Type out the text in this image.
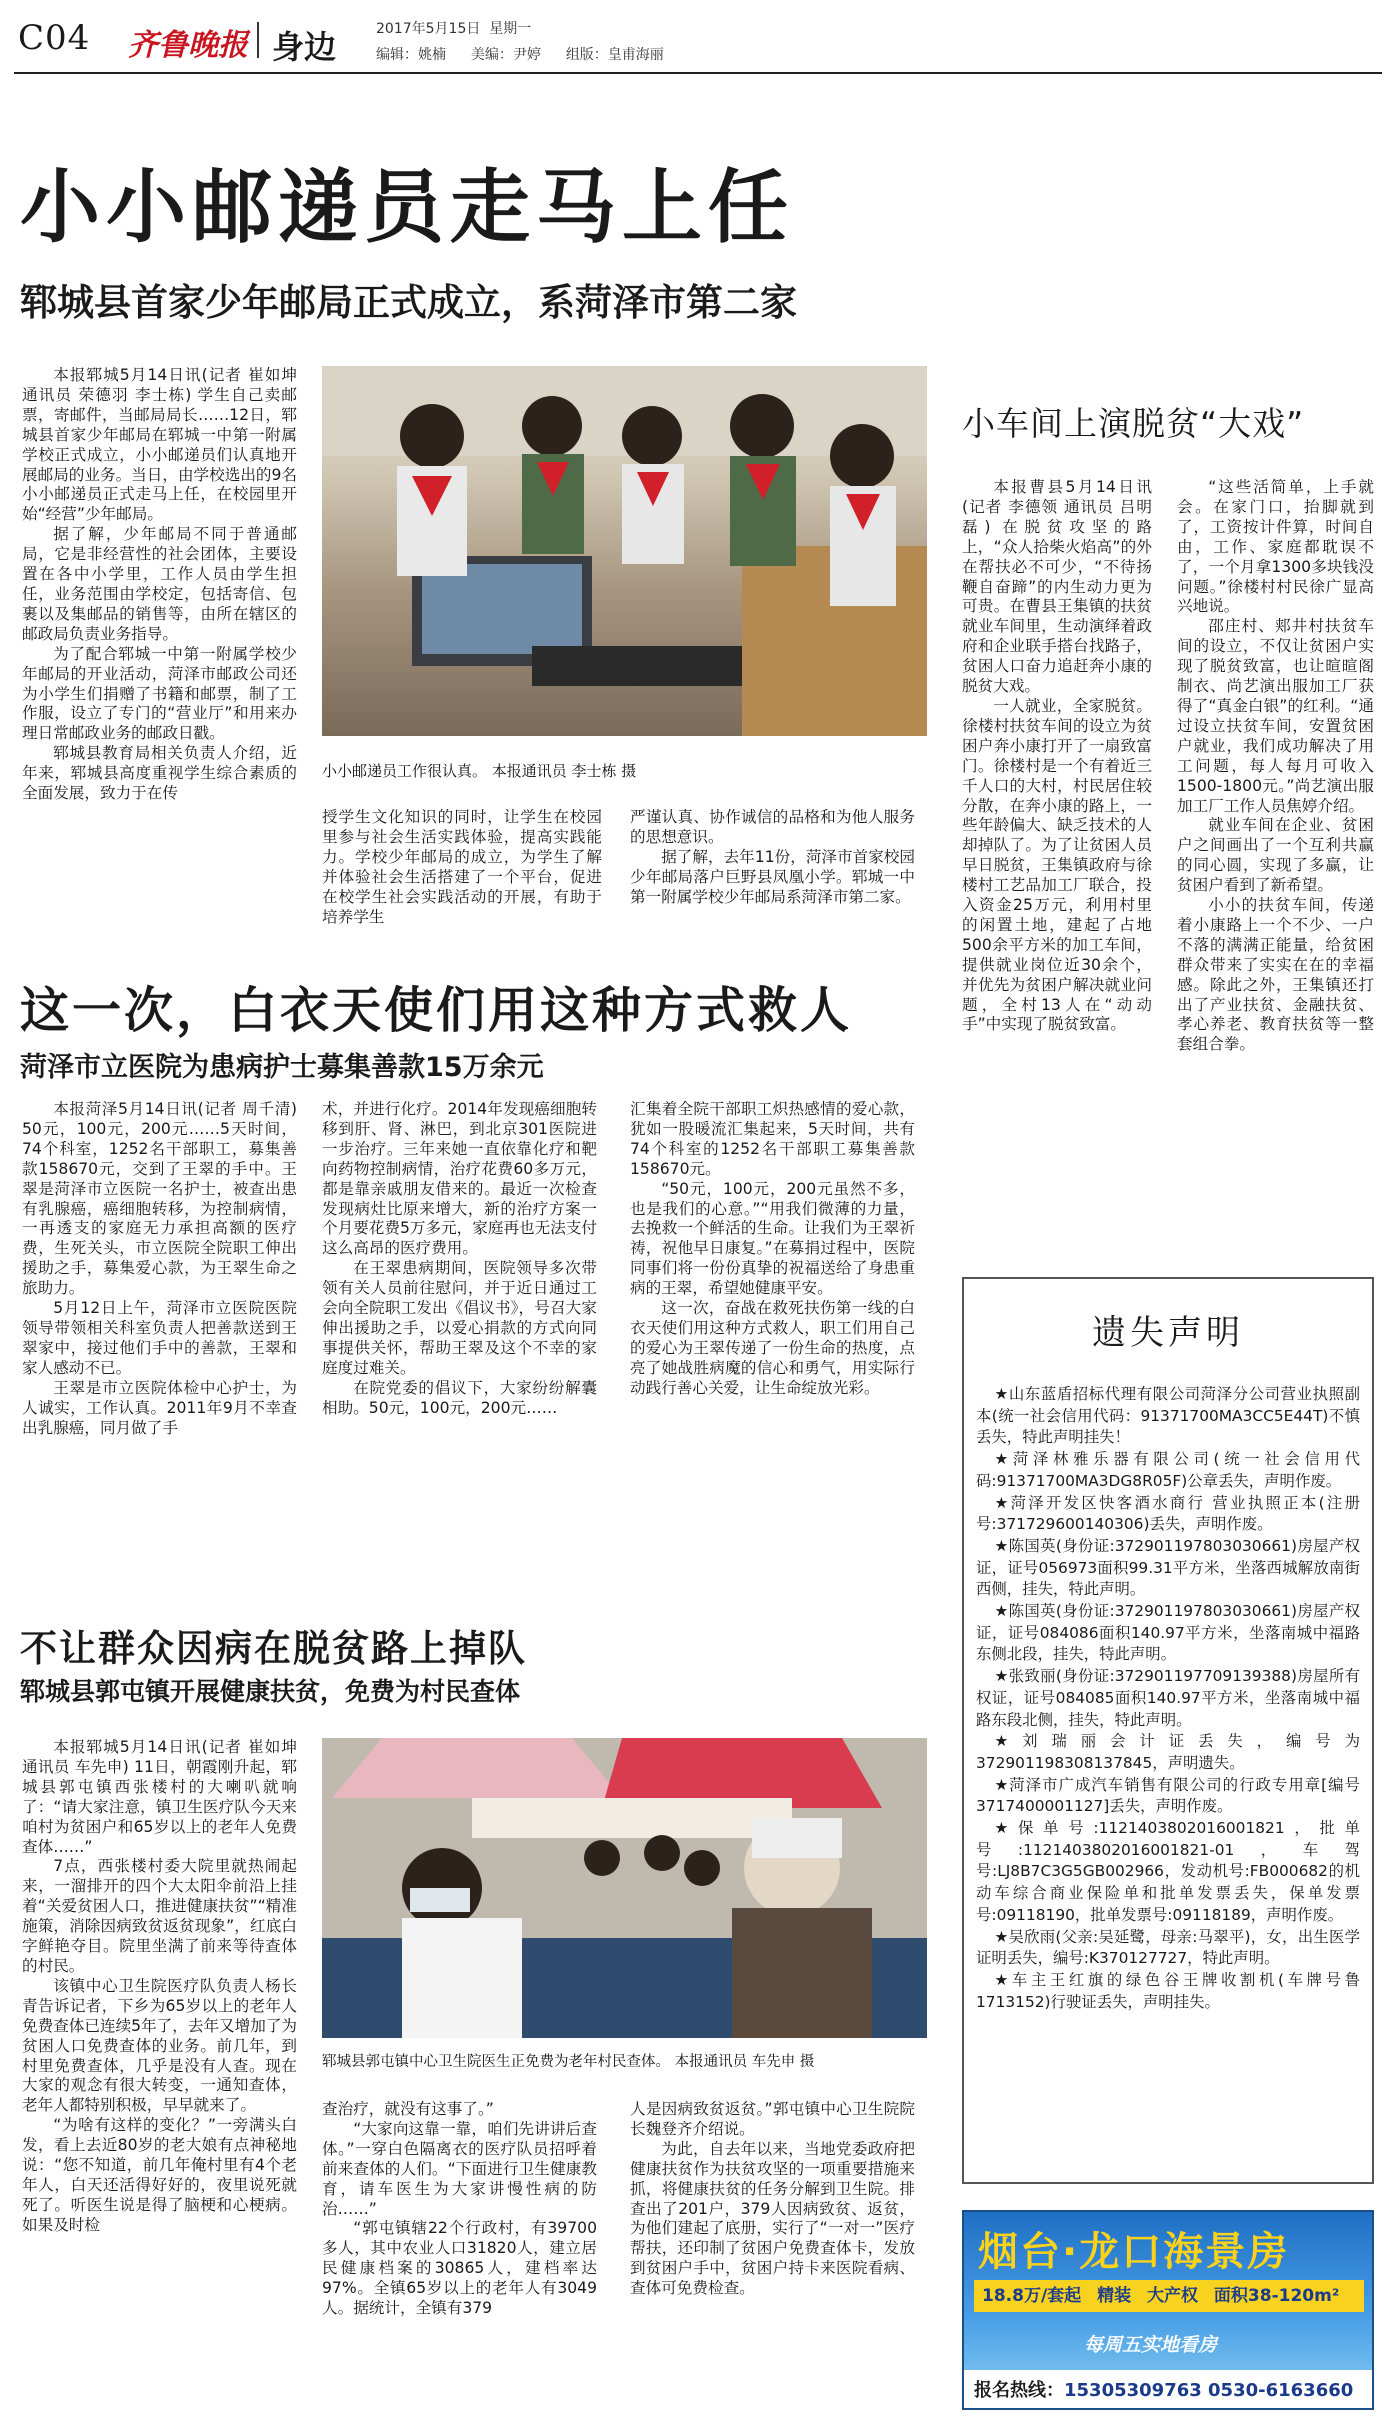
C04 齐鲁晚报 身边	2017年5月15日 星期一
编辑：姚楠 美编：尹婷 组版：皇甫海丽
小小邮递员走马上任
郓城县首家少年邮局正式成立，系菏泽市第二家

本报郓城5月14日讯(记者 崔如坤 通讯员 荣德羽 李士栋) 学生自己卖邮票，寄邮件，当邮局局长……12日，郓城县首家少年邮局在郓城一中第一附属学校正式成立，小小邮递员们认真地开展邮局的业务。当日，由学校选出的9名小小邮递员正式走马上任，在校园里开始“经营”少年邮局。

据了解，少年邮局不同于普通邮局，它是非经营性的社会团体，主要设置在各中小学里，工作人员由学生担任，业务范围由学校定，包括寄信、包裹以及集邮品的销售等，由所在辖区的邮政局负责业务指导。

为了配合郓城一中第一附属学校少年邮局的开业活动，菏泽市邮政公司还为小学生们捐赠了书籍和邮票，制了工作服，设立了专门的“营业厅”和用来办理日常邮政业务的邮政日戳。

郓城县教育局相关负责人介绍，近年来，郓城县高度重视学生综合素质的全面发展，致力于在传

小小邮递员工作很认真。 本报通讯员 李士栋 摄

授学生文化知识的同时，让学生在校园里参与社会生活实践体验，提高实践能力。学校少年邮局的成立，为学生了解并体验社会生活搭建了一个平台，促进在校学生社会实践活动的开展，有助于培养学生

严谨认真、协作诚信的品格和为他人服务的思想意识。

据了解，去年11份，菏泽市首家校园少年邮局落户巨野县凤凰小学。郓城一中第一附属学校少年邮局系菏泽市第二家。

小车间上演脱贫“大戏”

本报曹县5月14日讯(记者 李德领 通讯员 吕明磊) 在脱贫攻坚的路上，“众人拾柴火焰高”的外在帮扶必不可少，“不待扬鞭自奋蹄”的内生动力更为可贵。在曹县王集镇的扶贫就业车间里，生动演绎着政府和企业联手搭台找路子，贫困人口奋力追赶奔小康的脱贫大戏。

一人就业，全家脱贫。徐楼村扶贫车间的设立为贫困户奔小康打开了一扇致富门。徐楼村是一个有着近三千人口的大村，村民居住较分散，在奔小康的路上，一些年龄偏大、缺乏技术的人却掉队了。为了让贫困人员早日脱贫，王集镇政府与徐楼村工艺品加工厂联合，投入资金25万元，利用村里的闲置土地，建起了占地500余平方米的加工车间，提供就业岗位近30余个，并优先为贫困户解决就业问题，全村13人在“动动手”中实现了脱贫致富。

“这些活简单，上手就会。在家门口，抬脚就到了，工资按计件算，时间自由，工作、家庭都耽误不了，一个月拿1300多块钱没问题。”徐楼村村民徐广显高兴地说。

邵庄村、郏井村扶贫车间的设立，不仅让贫困户实现了脱贫致富，也让暄暄阁制衣、尚艺演出服加工厂获得了“真金白银”的红利。“通过设立扶贫车间，安置贫困户就业，我们成功解决了用工问题，每人每月可收入1500-1800元。”尚艺演出服加工厂工作人员焦婷介绍。

就业车间在企业、贫困户之间画出了一个互利共赢的同心圆，实现了多赢，让贫困户看到了新希望。

小小的扶贫车间，传递着小康路上一个不少、一户不落的满满正能量，给贫困群众带来了实实在在的幸福感。除此之外，王集镇还打出了产业扶贫、金融扶贫、孝心养老、教育扶贫等一整套组合拳。

这一次，白衣天使们用这种方式救人
菏泽市立医院为患病护士募集善款15万余元

本报菏泽5月14日讯(记者 周千清) 50元，100元，200元……5天时间，74个科室，1252名干部职工，募集善款158670元，交到了王翠的手中。王翠是菏泽市立医院一名护士，被查出患有乳腺癌，癌细胞转移，为控制病情，一再透支的家庭无力承担高额的医疗费，生死关头，市立医院全院职工伸出援助之手，募集爱心款，为王翠生命之旅助力。

5月12日上午，菏泽市立医院医院领导带领相关科室负责人把善款送到王翠家中，接过他们手中的善款，王翠和家人感动不已。

王翠是市立医院体检中心护士，为人诚实，工作认真。2011年9月不幸查出乳腺癌，同月做了手

术，并进行化疗。2014年发现癌细胞转移到肝、肾、淋巴，到北京301医院进一步治疗。三年来她一直依靠化疗和靶向药物控制病情，治疗花费60多万元，都是靠亲戚朋友借来的。最近一次检查发现病灶比原来增大，新的治疗方案一个月要花费5万多元，家庭再也无法支付这么高昂的医疗费用。

在王翠患病期间，医院领导多次带领有关人员前往慰问，并于近日通过工会向全院职工发出《倡议书》，号召大家伸出援助之手，以爱心捐款的方式向同事提供关怀，帮助王翠及这个不幸的家庭度过难关。

在院党委的倡议下，大家纷纷解囊相助。50元，100元，200元……

汇集着全院干部职工炽热感情的爱心款，犹如一股暖流汇集起来，5天时间，共有74个科室的1252名干部职工募集善款158670元。

“50元，100元，200元虽然不多，也是我们的心意。”“用我们微薄的力量，去挽救一个鲜活的生命。让我们为王翠祈祷，祝他早日康复。”在募捐过程中，医院同事们将一份份真挚的祝福送给了身患重病的王翠，希望她健康平安。

这一次，奋战在救死扶伤第一线的白衣天使们用这种方式救人，职工们用自己的爱心为王翠传递了一份生命的热度，点亮了她战胜病魔的信心和勇气，用实际行动践行善心关爱，让生命绽放光彩。

不让群众因病在脱贫路上掉队
郓城县郭屯镇开展健康扶贫，免费为村民查体

本报郓城5月14日讯(记者 崔如坤 通讯员 车先申) 11日，朝霞刚升起，郓城县郭屯镇西张楼村的大喇叭就响了：“请大家注意，镇卫生医疗队今天来咱村为贫困户和65岁以上的老年人免费查体……”

7点，西张楼村委大院里就热闹起来，一溜排开的四个大太阳伞前沿上挂着“关爱贫困人口，推进健康扶贫”“精准施策，消除因病致贫返贫现象”，红底白字鲜艳夺目。院里坐满了前来等待查体的村民。

该镇中心卫生院医疗队负责人杨长青告诉记者，下乡为65岁以上的老年人免费查体已连续5年了，去年又增加了为贫困人口免费查体的业务。前几年，到村里免费查体，几乎是没有人查。现在大家的观念有很大转变，一通知查体，老年人都特别积极，早早就来了。

“为啥有这样的变化？”一旁满头白发，看上去近80岁的老大娘有点神秘地说：“您不知道，前几年俺村里有4个老年人，白天还活得好好的，夜里说死就死了。听医生说是得了脑梗和心梗病。如果及时检

郓城县郭屯镇中心卫生院医生正免费为老年村民查体。 本报通讯员 车先申 摄

查治疗，就没有这事了。”

“大家向这靠一靠，咱们先讲讲后查体。”一穿白色隔离衣的医疗队员招呼着前来查体的人们。“下面进行卫生健康教育，请车医生为大家讲慢性病的防治……”

“郭屯镇辖22个行政村，有39700多人，其中农业人口31820人，建立居民健康档案的30865人，建档率达97%。全镇65岁以上的老年人有3049人。据统计，全镇有379

人是因病致贫返贫。”郭屯镇中心卫生院院长魏登齐介绍说。

为此，自去年以来，当地党委政府把健康扶贫作为扶贫攻坚的一项重要措施来抓，将健康扶贫的任务分解到卫生院。排查出了201户，379人因病致贫、返贫，为他们建起了底册，实行了“一对一”医疗帮扶，还印制了贫困户免费查体卡，发放到贫困户手中，贫困户持卡来医院看病、查体可免费检查。

遗失声明

★山东蓝盾招标代理有限公司菏泽分公司营业执照副本(统一社会信用代码：91371700MA3CC5E44T)不慎丢失，特此声明挂失！

★菏泽林雅乐器有限公司(统一社会信用代码:91371700MA3DG8R05F)公章丢失，声明作废。

★菏泽开发区快客酒水商行 营业执照正本(注册号:371729600140306)丢失，声明作废。

★陈国英(身份证:372901197803030661)房屋产权证，证号056973面积99.31平方米，坐落西城解放南街西侧，挂失，特此声明。

★陈国英(身份证:372901197803030661)房屋产权证，证号084086面积140.97平方米，坐落南城中福路东侧北段，挂失，特此声明。

★张致丽(身份证:372901197709139388)房屋所有权证，证号084085面积140.97平方米，坐落南城中福路东段北侧，挂失，特此声明。

★刘瑞丽会计证丢失，编号为372901198308137845，声明遗失。

★菏泽市广成汽车销售有限公司的行政专用章[编号3717400001127]丢失，声明作废。

★保单号:11214038020160018​21，批单号:11214038020160018​21-01，车驾号:LJ8B7C3G5GB002966，发动机号:FB000682的机动车综合商业保险单和批单发票丢失，保单发票号:09118190，批单发票号:09118189，声明作废。

★吴欣雨(父亲:吴延鹭，母亲:马翠平)，女，出生医学证明丢失，编号:K370127727，特此声明。

★车主王红旗的绿色谷王牌收割机(车牌号鲁1713152)行驶证丢失，声明挂失。

烟台·龙口海景房
18.8万/套起 精装 大产权 面积38-120m²
每周五实地看房
报名热线：15305309763 0530-6163660
